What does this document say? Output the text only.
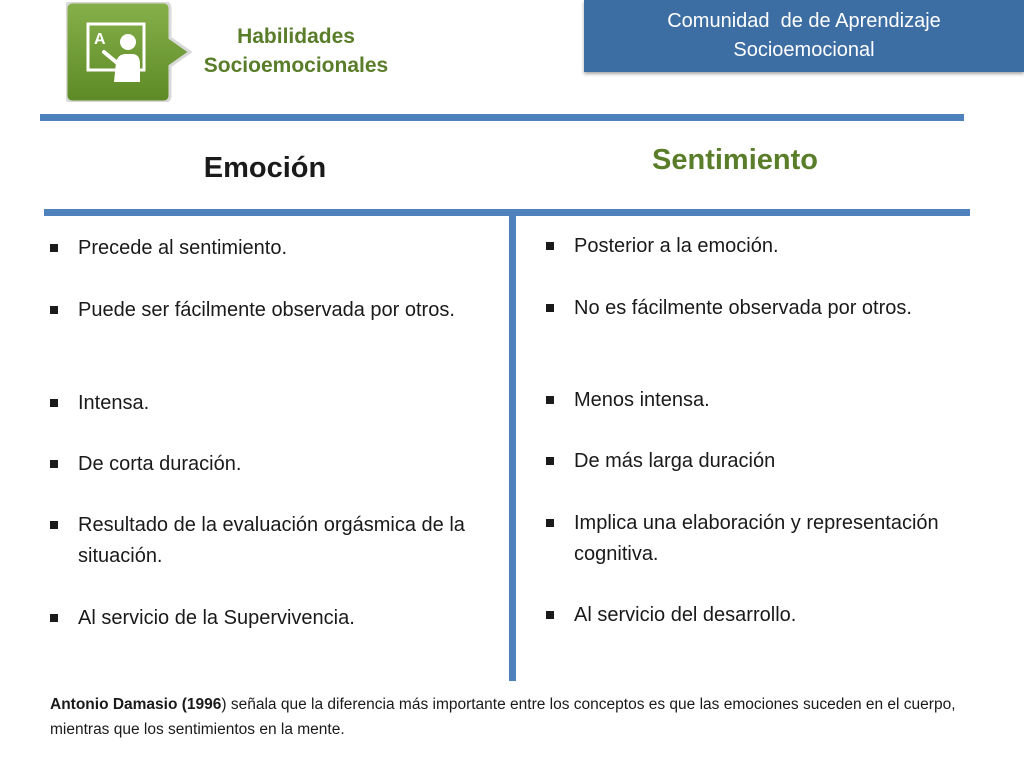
A	Habilidades
Socioemocionales
Comunidad  de de Aprendizaje
Socioemocional
Emoción	Sentimiento
Precede al sentimiento.
Puede ser fácilmente observada por otros.
Intensa.
De corta duración.
Resultado de la evaluación orgásmica de la situación.
Al servicio de la Supervivencia.
Posterior a la emoción.
No es fácilmente observada por otros.
Menos intensa.
De más larga duración
Implica una elaboración y representación cognitiva.
Al servicio del desarrollo.
Antonio Damasio (1996) señala que la diferencia más importante entre los conceptos es que las emociones suceden en el cuerpo, mientras que los sentimientos en la mente.
